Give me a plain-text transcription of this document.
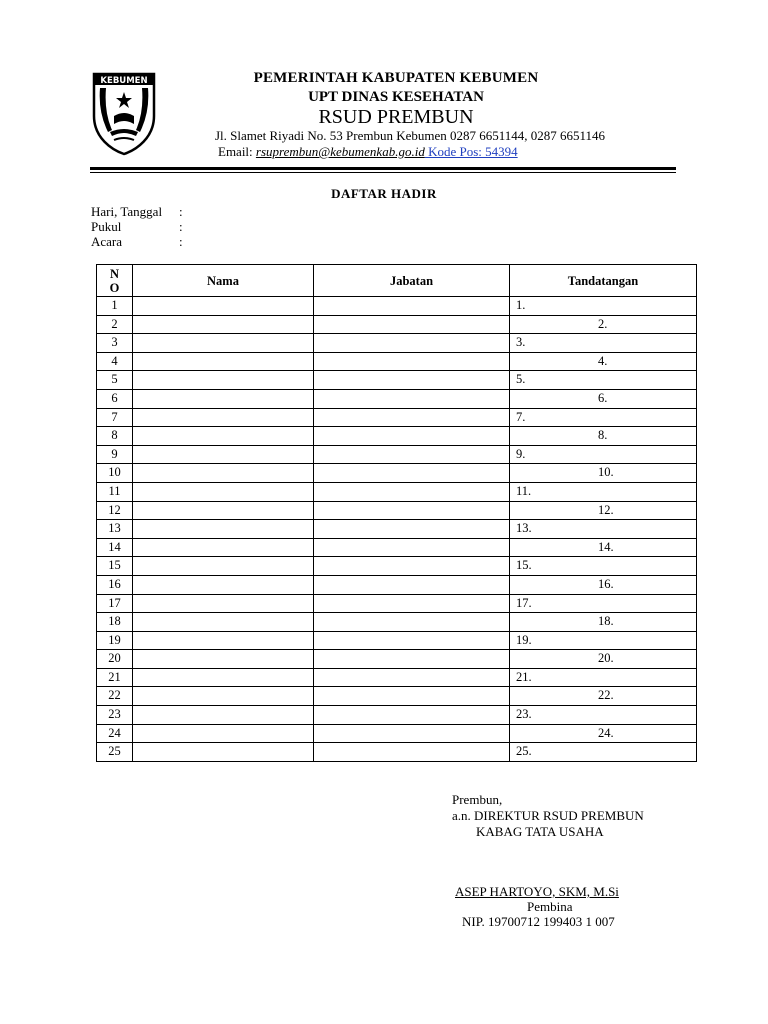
KEBUMEN	PEMERINTAH KABUPATEN KEBUMEN
UPT DINAS KESEHATAN
RSUD PREMBUN
Jl. Slamet Riyadi No. 53 Prembun Kebumen 0287 6651144, 0287 6651146
Email: rsuprembun@kebumenkab.go.id Kode Pos: 54394
DAFTAR HADIR
Hari, Tanggal :
Pukul	:
Acara	:
N O	Nama	Jabatan	Tandatangan
1			1.
2			2.
3			3.
4			4.
5			5.
6			6.
7			7.
8			8.
9			9.
10			10.
11			11.
12			12.
13			13.
14			14.
15			15.
16			16.
17			17.
18			18.
19			19.
20			20.
21			21.
22			22.
23			23.
24			24.
25			25.
Prembun,
a.n. DIREKTUR RSUD PREMBUN
KABAG TATA USAHA
ASEP HARTOYO, SKM, M.Si
Pembina
NIP. 19700712 199403 1 007
